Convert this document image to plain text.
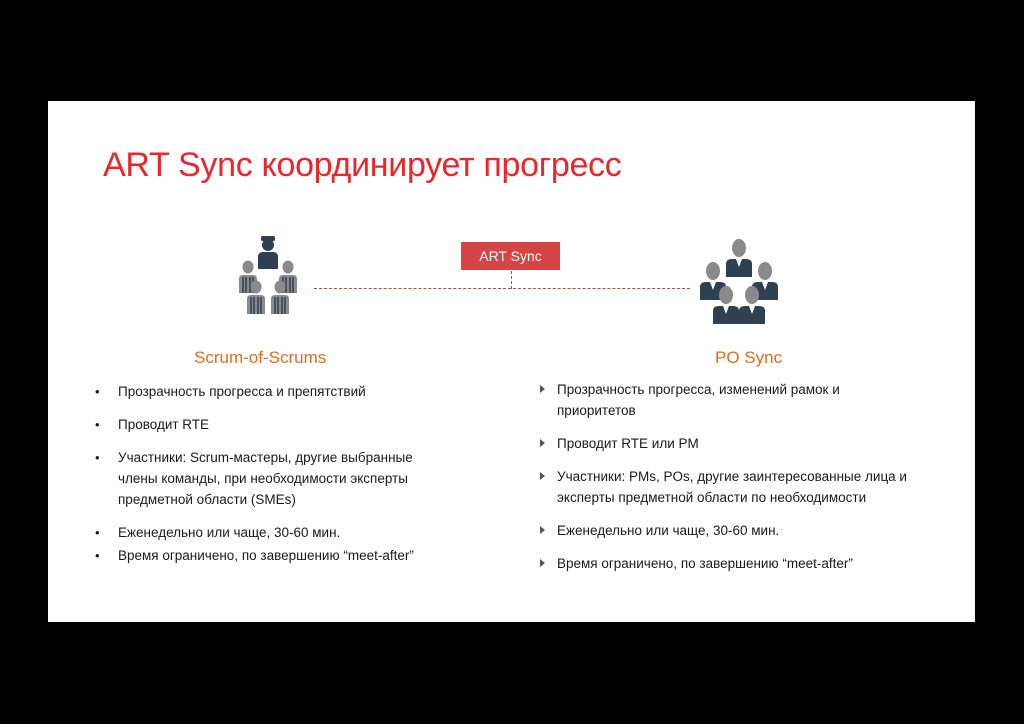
ART Sync координирует прогресс
ART Sync
Scrum-of-Scrums	PO Sync
• Прозрачность прогресса и препятствий
• Проводит RTE
• Участники: Scrum-мастеры, другие выбранные члены команды, при необходимости эксперты предметной области (SMEs)
• Еженедельно или чаще, 30-60 мин.
• Время ограничено, по завершению “meet-after”
Прозрачность прогресса, изменений рамок и приоритетов
Проводит RTE или PM
Участники: PMs, POs, другие заинтересованные лица и эксперты предметной области по необходимости
Еженедельно или чаще, 30-60 мин.
Время ограничено, по завершению “meet-after”
